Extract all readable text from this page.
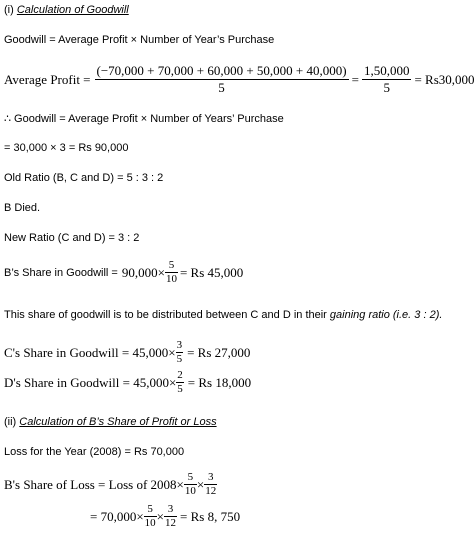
(i) Calculation of Goodwill
Goodwill = Average Profit × Number of Year’s Purchase
Average Profit = $\frac{(-70,000 + 70,000 + 60,000 + 50,000 + 40,000)}{5} = \frac{1,50,000}{5} = Rs30,000$
∴ Goodwill = Average Profit × Number of Years’ Purchase
= 30,000 × 3 = Rs 90,000
Old Ratio (B, C and D) = 5 : 3 : 2
B Died.
New Ratio (C and D) = 3 : 2
B’s Share in Goodwill = $90,000\times \frac{5}{10} = Rs$ 45,000
This share of goodwill is to be distributed between C and D in their gaining ratio (i.e. 3 : 2).
C's Share in Goodwill = $45,000\times \frac{3}{5} = Rs$ 27,000
D's Share in Goodwill = $45,000\times \frac{2}{5} = Rs$ 18,000
(ii) Calculation of B’s Share of Profit or Loss
Loss for the Year (2008) = Rs 70,000
B's Share of Loss = Loss of $2008\times \frac{5}{10} \times \frac{3}{12}$
= $70,000\times \frac{5}{10} \times \frac{3}{12} = Rs$ 8, 750
